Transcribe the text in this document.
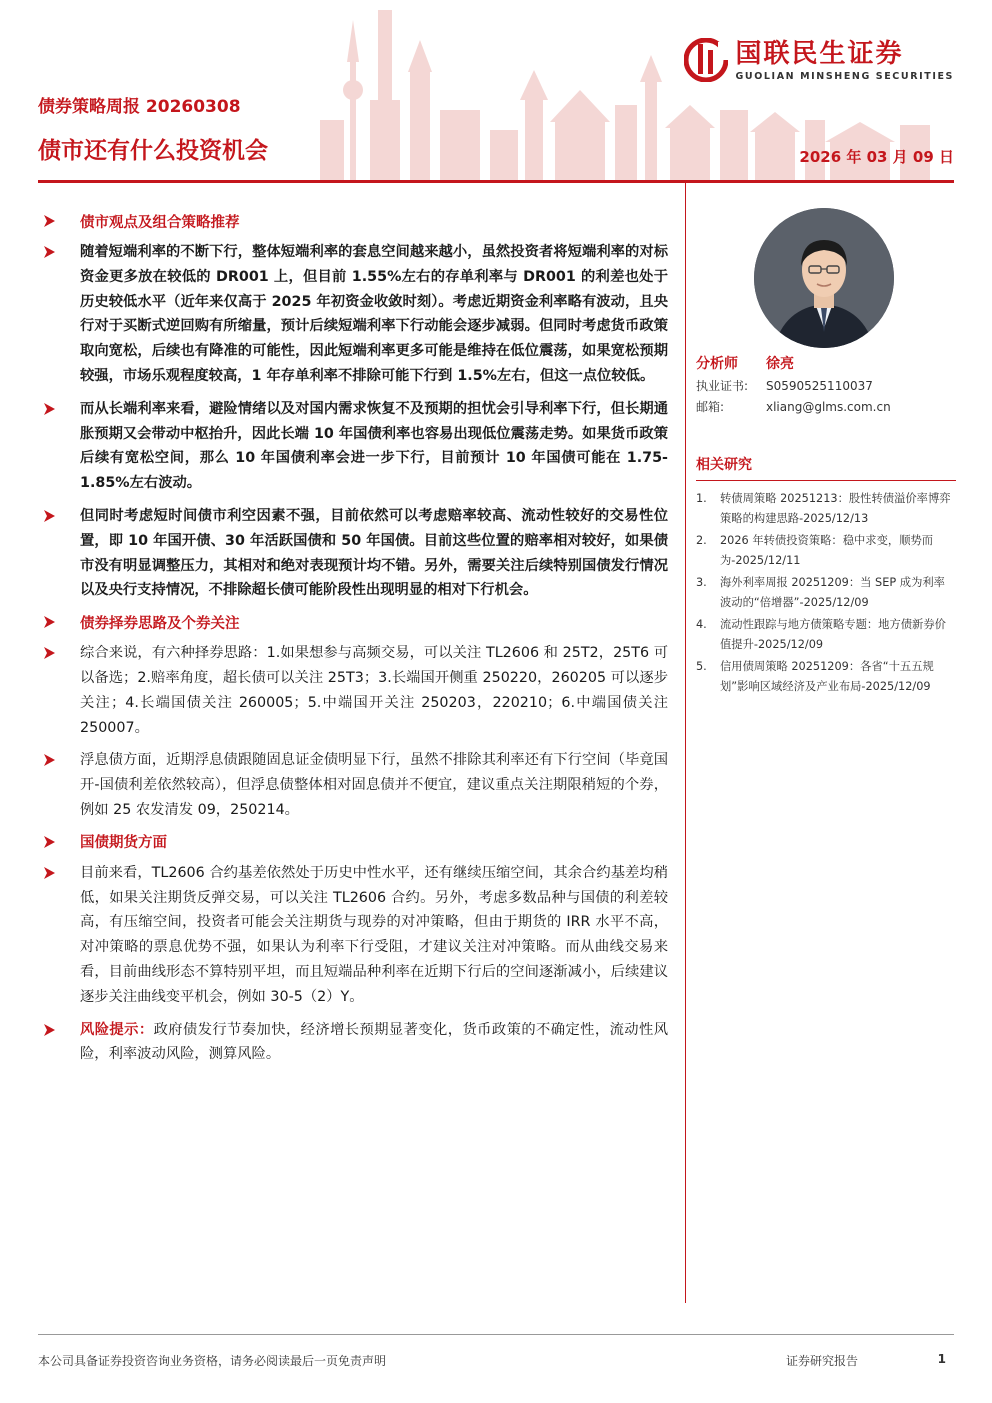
国联民生证券
GUOLIAN MINSHENG SECURITIES
债券策略周报 20260308
债市还有什么投资机会	2026 年 03 月 09 日
债市观点及组合策略推荐
随着短端利率的不断下行，整体短端利率的套息空间越来越小，虽然投资者将短端利率的对标资金更多放在较低的 DR001 上，但目前 1.55%左右的存单利率与 DR001 的利差也处于历史较低水平（近年来仅高于 2025 年初资金收敛时刻）。考虑近期资金利率略有波动，且央行对于买断式逆回购有所缩量，预计后续短端利率下行动能会逐步减弱。但同时考虑货币政策取向宽松，后续也有降准的可能性，因此短端利率更多可能是维持在低位震荡，如果宽松预期较强，市场乐观程度较高，1 年存单利率不排除可能下行到 1.5%左右，但这一点位较低。
而从长端利率来看，避险情绪以及对国内需求恢复不及预期的担忧会引导利率下行，但长期通胀预期又会带动中枢抬升，因此长端 10 年国债利率也容易出现低位震荡走势。如果货币政策后续有宽松空间，那么 10 年国债利率会进一步下行，目前预计 10 年国债可能在 1.75-1.85%左右波动。
但同时考虑短时间债市利空因素不强，目前依然可以考虑赔率较高、流动性较好的交易性位置，即 10 年国开债、30 年活跃国债和 50 年国债。目前这些位置的赔率相对较好，如果债市没有明显调整压力，其相对和绝对表现预计均不错。另外，需要关注后续特别国债发行情况以及央行支持情况，不排除超长债可能阶段性出现明显的相对下行机会。
债券择券思路及个券关注
综合来说，有六种择券思路：1.如果想参与高频交易，可以关注 TL2606 和 25T2，25T6 可以备选；2.赔率角度，超长债可以关注 25T3；3.长端国开侧重 250220，260205 可以逐步关注；4.长端国债关注 260005；5.中端国开关注 250203，220210；6.中端国债关注 250007。
浮息债方面，近期浮息债跟随固息证金债明显下行，虽然不排除其利率还有下行空间（毕竟国开-国债利差依然较高），但浮息债整体相对固息债并不便宜，建议重点关注期限稍短的个券，例如 25 农发清发 09，250214。
国债期货方面
目前来看，TL2606 合约基差依然处于历史中性水平，还有继续压缩空间，其余合约基差均稍低，如果关注期货反弹交易，可以关注 TL2606 合约。另外，考虑多数品种与国债的利差较高，有压缩空间，投资者可能会关注期货与现券的对冲策略，但由于期货的 IRR 水平不高，对冲策略的票息优势不强，如果认为利率下行受阻，才建议关注对冲策略。而从曲线交易来看，目前曲线形态不算特别平坦，而且短端品种利率在近期下行后的空间逐渐减小，后续建议逐步关注曲线变平机会，例如 30-5（2）Y。
风险提示：政府债发行节奏加快，经济增长预期显著变化，货币政策的不确定性，流动性风险，利率波动风险，测算风险。
分析师	徐亮
执业证书:	S0590525110037
邮箱:	xliang@glms.com.cn
相关研究
1.	转债周策略 20251213：股性转债溢价率博弈策略的构建思路-2025/12/13
2.	2026 年转债投资策略：稳中求变，顺势而为-2025/12/11
3.	海外利率周报 20251209：当 SEP 成为利率波动的“倍增器”-2025/12/09
4.	流动性跟踪与地方债策略专题：地方债新券价值提升-2025/12/09
5.	信用债周策略 20251209：各省“十五五规划”影响区域经济及产业布局-2025/12/09
本公司具备证券投资咨询业务资格，请务必阅读最后一页免责声明	证券研究报告	1
